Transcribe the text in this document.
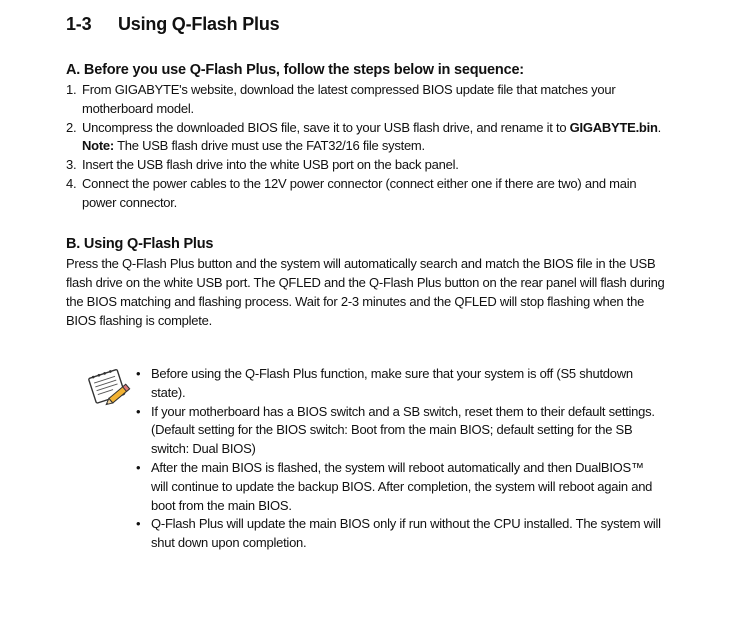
1-3 Using Q-Flash Plus
A. Before you use Q-Flash Plus, follow the steps below in sequence:
1. From GIGABYTE's website, download the latest compressed BIOS update file that matches your motherboard model.
2. Uncompress the downloaded BIOS file, save it to your USB flash drive, and rename it to GIGABYTE.bin.
Note: The USB flash drive must use the FAT32/16 file system.
3. Insert the USB flash drive into the white USB port on the back panel.
4. Connect the power cables to the 12V power connector (connect either one if there are two) and main power connector.
B. Using Q-Flash Plus

Press the Q-Flash Plus button and the system will automatically search and match the BIOS file in the USB flash drive on the white USB port. The QFLED and the Q-Flash Plus button on the rear panel will flash during the BIOS matching and flashing process. Wait for 2-3 minutes and the QFLED will stop flashing when the BIOS flashing is complete.

• Before using the Q-Flash Plus function, make sure that your system is off (S5 shutdown state).
• If your motherboard has a BIOS switch and a SB switch, reset them to their default settings. (Default setting for the BIOS switch: Boot from the main BIOS; default setting for the SB switch: Dual BIOS)
• After the main BIOS is flashed, the system will reboot automatically and then DualBIOS™ will continue to update the backup BIOS. After completion, the system will reboot again and boot from the main BIOS.
• Q-Flash Plus will update the main BIOS only if run without the CPU installed. The system will shut down upon completion.
